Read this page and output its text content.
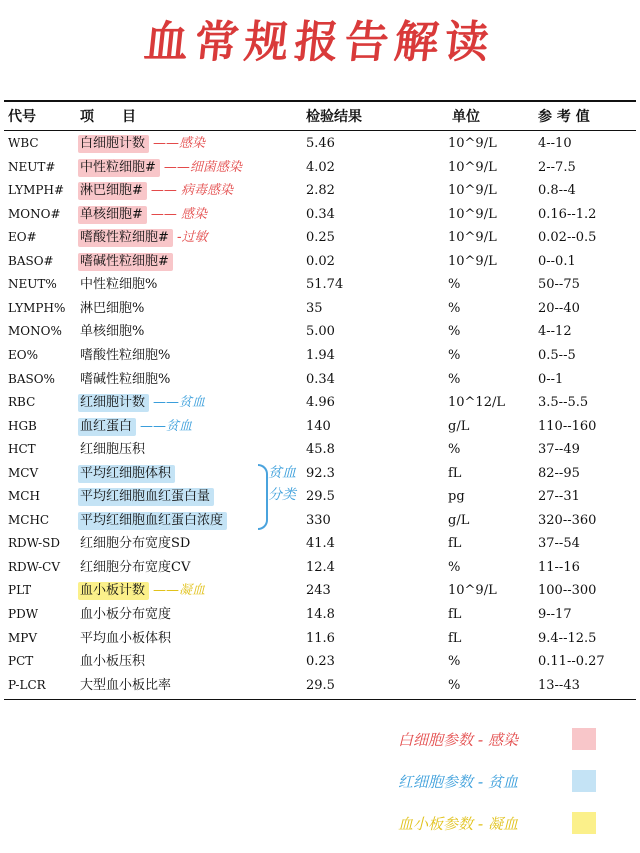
血常规报告解读
代号	项　　目	检验结果	单位	参 考 值
WBC	白细胞计数	5.46	10^9/L	4--10
——感染
NEUT# 中性粒细胞#	4.02	10^9/L	2--7.5
——细菌感染
LYMPH# 淋巴细胞#	2.82	10^9/L	0.8--4
—— 病毒感染
MONO# 单核细胞#	0.34	10^9/L	0.16--1.2
—— 感染
EO#	嗜酸性粒细胞#	0.25	10^9/L	0.02--0.5
-过敏
BASO# 嗜碱性粒细胞#	0.02	10^9/L	0--0.1
NEUT% 中性粒细胞%	51.74	%	50--75
LYMPH% 淋巴细胞%	35	%	20--40
MONO% 单核细胞%	5.00	%	4--12
EO%	嗜酸性粒细胞%	1.94	%	0.5--5
BASO% 嗜碱性粒细胞%	0.34	%	0--1
RBC	红细胞计数	4.96	10^12/L	3.5--5.5
——贫血
HGB	血红蛋白	140	g/L	110--160
——贫血
HCT	红细胞压积	45.8	%	37--49
MCV	平均红细胞体积	92.3	fL	82--95
MCH	平均红细胞血红蛋白量	29.5	pg	27--31
MCHC 平均红细胞血红蛋白浓度	330	g/L	320--360
RDW-SD 红细胞分布宽度SD	41.4	fL	37--54
RDW-CV 红细胞分布宽度CV	12.4	%	11--16
PLT	血小板计数	243	10^9/L	100--300
——凝血
PDW	血小板分布宽度	14.8	fL	9--17
MPV	平均血小板体积	11.6	fL	9.4--12.5
PCT	血小板压积	0.23	%	0.11--0.27
P-LCR	大型血小板比率	29.5	%	13--43
贫血分类
白细胞参数 - 感染
红细胞参数 - 贫血
血小板参数 - 凝血
